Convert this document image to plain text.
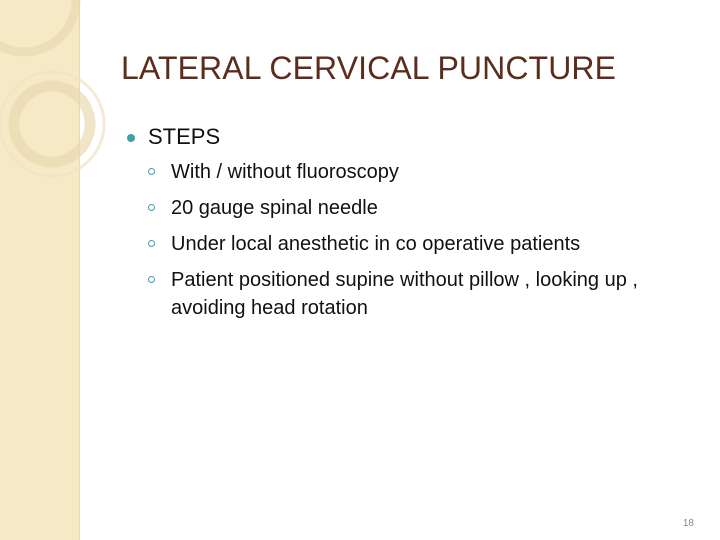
LATERAL CERVICAL PUNCTURE
STEPS
With / without fluoroscopy
20 gauge spinal needle
Under local anesthetic in co operative patients
Patient positioned supine without pillow , looking up , avoiding head rotation
18
